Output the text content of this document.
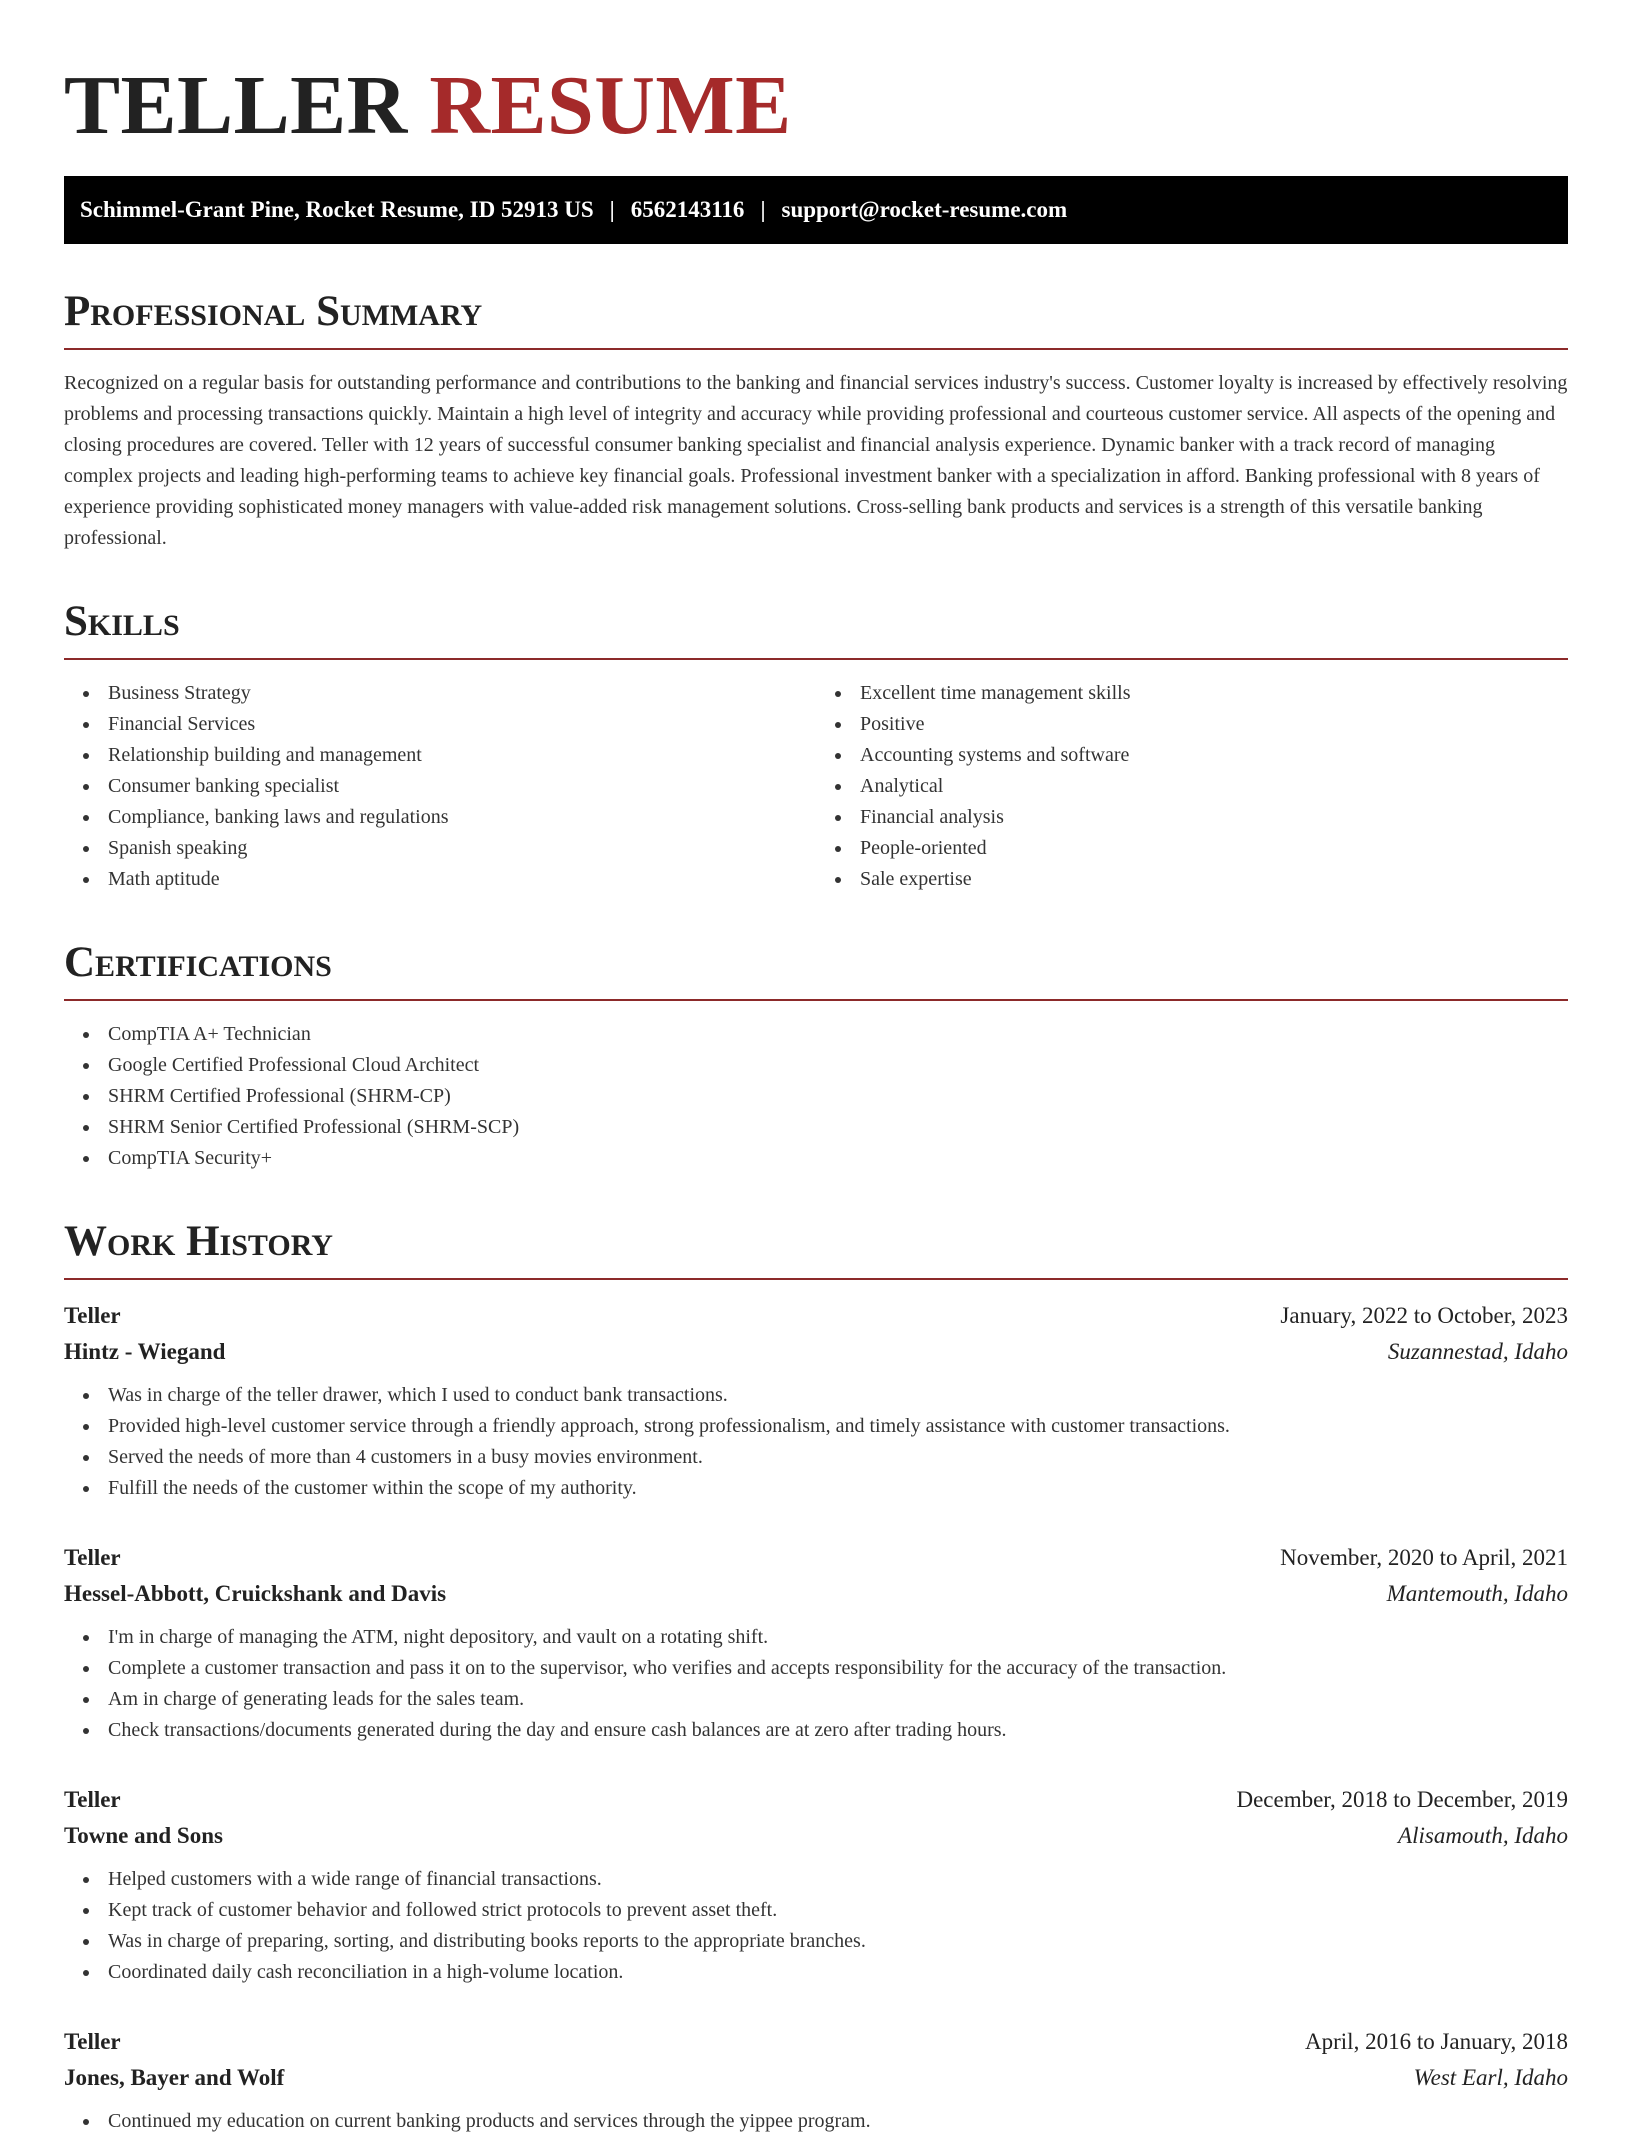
TELLER RESUME
Schimmel-Grant Pine, Rocket Resume, ID 52913 US | 6562143116 | support@rocket-resume.com
Professional Summary

Recognized on a regular basis for outstanding performance and contributions to the banking and financial services industry's success. Customer loyalty is increased by effectively resolving problems and processing transactions quickly. Maintain a high level of integrity and accuracy while providing professional and courteous customer service. All aspects of the opening and closing procedures are covered. Teller with 12 years of successful consumer banking specialist and financial analysis experience. Dynamic banker with a track record of managing complex projects and leading high-performing teams to achieve key financial goals. Professional investment banker with a specialization in afford. Banking professional with 8 years of experience providing sophisticated money managers with value-added risk management solutions. Cross-selling bank products and services is a strength of this versatile banking professional.

Skills
Business Strategy
Financial Services
Relationship building and management
Consumer banking specialist
Compliance, banking laws and regulations
Spanish speaking
Math aptitude
Excellent time management skills
Positive
Accounting systems and software
Analytical
Financial analysis
People-oriented
Sale expertise
Certifications
CompTIA A+ Technician
Google Certified Professional Cloud Architect
SHRM Certified Professional (SHRM-CP)
SHRM Senior Certified Professional (SHRM-SCP)
CompTIA Security+
Work History
Teller	January, 2022 to October, 2023
Hintz - Wiegand	Suzannestad, Idaho
Was in charge of the teller drawer, which I used to conduct bank transactions.
Provided high-level customer service through a friendly approach, strong professionalism, and timely assistance with customer transactions.
Served the needs of more than 4 customers in a busy movies environment.
Fulfill the needs of the customer within the scope of my authority.
Teller	November, 2020 to April, 2021
Hessel-Abbott, Cruickshank and Davis	Mantemouth, Idaho
I'm in charge of managing the ATM, night depository, and vault on a rotating shift.
Complete a customer transaction and pass it on to the supervisor, who verifies and accepts responsibility for the accuracy of the transaction.
Am in charge of generating leads for the sales team.
Check transactions/documents generated during the day and ensure cash balances are at zero after trading hours.
Teller	December, 2018 to December, 2019
Towne and Sons	Alisamouth, Idaho
Helped customers with a wide range of financial transactions.
Kept track of customer behavior and followed strict protocols to prevent asset theft.
Was in charge of preparing, sorting, and distributing books reports to the appropriate branches.
Coordinated daily cash reconciliation in a high-volume location.
Teller	April, 2016 to January, 2018
Jones, Bayer and Wolf	West Earl, Idaho
Continued my education on current banking products and services through the yippee program.
